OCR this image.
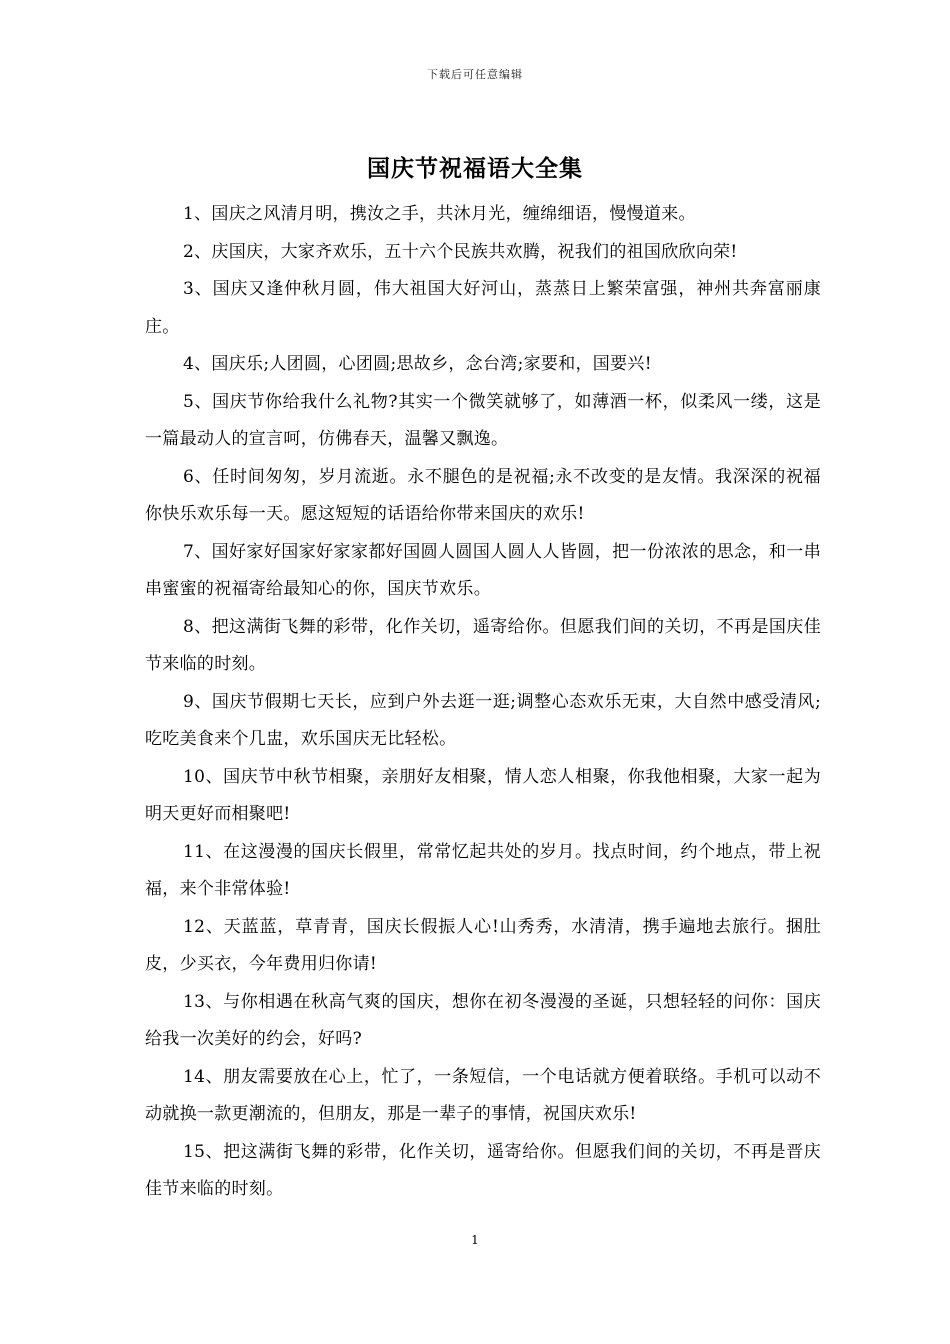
下载后可任意编辑
国庆节祝福语大全集

1、国庆之风清月明，携汝之手，共沐月光，缠绵细语，慢慢道来。

2、庆国庆，大家齐欢乐，五十六个民族共欢腾，祝我们的祖国欣欣向荣!

3、国庆又逢仲秋月圆，伟大祖国大好河山，蒸蒸日上繁荣富强，神州共奔富丽康庄。

4、国庆乐;人团圆，心团圆;思故乡，念台湾;家要和，国要兴!

5、国庆节你给我什么礼物?其实一个微笑就够了，如薄酒一杯，似柔风一缕，这是一篇最动人的宣言呵，仿佛春天，温馨又飘逸。

6、任时间匆匆，岁月流逝。永不腿色的是祝福;永不改变的是友情。我深深的祝福你快乐欢乐每一天。愿这短短的话语给你带来国庆的欢乐!

7、国好家好国家好家家都好国圆人圆国人圆人人皆圆，把一份浓浓的思念，和一串串蜜蜜的祝福寄给最知心的你，国庆节欢乐。

8、把这满街飞舞的彩带，化作关切，遥寄给你。但愿我们间的关切，不再是国庆佳节来临的时刻。

9、国庆节假期七天长，应到户外去逛一逛;调整心态欢乐无束，大自然中感受清风;吃吃美食来个几盅，欢乐国庆无比轻松。

10、国庆节中秋节相聚，亲朋好友相聚，情人恋人相聚，你我他相聚，大家一起为明天更好而相聚吧!

11、在这漫漫的国庆长假里，常常忆起共处的岁月。找点时间，约个地点，带上祝福，来个非常体验!

12、天蓝蓝，草青青，国庆长假振人心!山秀秀，水清清，携手遍地去旅行。捆肚皮，少买衣，今年费用归你请!

13、与你相遇在秋高气爽的国庆，想你在初冬漫漫的圣诞，只想轻轻的问你：国庆给我一次美好的约会，好吗?

14、朋友需要放在心上，忙了，一条短信，一个电话就方便着联络。手机可以动不动就换一款更潮流的，但朋友，那是一辈子的事情，祝国庆欢乐!

15、把这满街飞舞的彩带，化作关切，遥寄给你。但愿我们间的关切，不再是晋庆佳节来临的时刻。

1
